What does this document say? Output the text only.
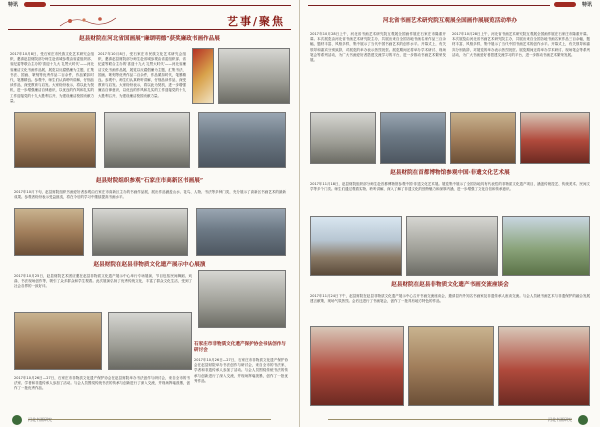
特讯
艺事/聚焦
赵县财院在河北省国画展“廉颂明德”获奖廉政书画作品展
2017年10月8日，受石家庄市民族文化艺术研究会组织，邀请赵县财院部分师生赴省城参观由省委组织部、省纪委等联合主办的‘喜迎十九大 礼赞大时代’——河北省廉洁文化书画作品展，展览以反腐倡廉为主题，汇集书法、国画、篆刻等优秀作品二百余件，作品紧扣时代，笔墨精良。参观中，师生们认真聆听讲解，仔细品读作品，深受教育与启发。大家纷纷表示，将以此为契机，进一步增强廉洁自律意识，以优良的作风和扎实的工作迎接党的十九大胜利召开，为建设廉洁校园贡献力量。
2017年10月8日，受石家庄市民族文化艺术研究会组织，邀请赵县财院部分师生赴省城参观由省委组织部、省纪委等联合主办的‘喜迎十九大 礼赞大时代’——河北省廉洁文化书画作品展，展览以反腐倡廉为主题，汇集书法、国画、篆刻等优秀作品二百余件，作品紧扣时代，笔墨精良。参观中，师生们认真聆听讲解，仔细品读作品，深受教育与启发。大家纷纷表示，将以此为契机，进一步增强廉洁自律意识，以优良的作风和扎实的工作迎接党的十九大胜利召开，为建设廉洁校园贡献力量。
赵县财院组织参观“石家庄市高新区书画展”
2017年10月下旬，赵县财院组织书画爱好者参观由石家庄市高新区主办的书画作品展，展出作品涵盖山水、花鸟、人物、书法等多种门类，充分展示了高新区书画艺术的最新成果。参观者纷纷表示受益匪浅，将在今后的学习中继续提高书画水平。
赵县财院在赵县非物质文化遗产展示中心展演
2017年10月25日，赵县财院艺术团应邀在赵县非物质文化遗产展示中心举行专场展演，节目包括民间舞蹈、戏曲、书法现场创作等，吸引了众多群众和学生观看。此次展演弘扬了优秀传统文化，丰富了群众文化生活，受到了社会各界的一致好评。
石家庄市非物质文化遗产保护协会书法创作与研讨会
2017年10月26日—27日，石家庄市非物质文化遗产保护协会在赵县财院举办书法创作与研讨会，来自全市的书法家、学者和非遗传承人参加了活动。与会人员围绕传统书法的传承与创新进行了深入交流，并现场挥毫泼墨，创作了一批优秀作品。
2017年10月26日—27日，石家庄市非物质文化遗产保护协会在赵县财院举办书法创作与研讨会，来自全市的书法家、学者和非遗传承人参加了活动。与会人员围绕传统书法的传承与创新进行了深入交流，并现场挥毫泼墨，创作了一批优秀作品。
河北书画研究
特讯
河北省书画艺术研究院互观展全国画作展展览活动举办
2017年10月28日上午，河北省书画艺术研究院互观展全国画作展在石家庄市隆重开幕。本次展览由河北省书画艺术研究院主办，共展出来自全国各地书画名家作品三百余幅，题材丰富、风格多样，集中展示了当代中国书画艺术的创作水平。开幕式上，有关领导和嘉宾分别致辞，对展览的举办表示热烈祝贺。展览期间还将举办学术研讨、现场笔会等系列活动，为广大书画爱好者搭建交流学习的平台，进一步推动书画艺术繁荣发展。
2017年10月28日上午，河北省书画艺术研究院互观展全国画作展在石家庄市隆重开幕。本次展览由河北省书画艺术研究院主办，共展出来自全国各地书画名家作品三百余幅，题材丰富、风格多样，集中展示了当代中国书画艺术的创作水平。开幕式上，有关领导和嘉宾分别致辞，对展览的举办表示热烈祝贺。展览期间还将举办学术研讨、现场笔会等系列活动，为广大书画爱好者搭建交流学习的平台，进一步推动书画艺术繁荣发展。
赵县财院在首都博物馆参观中国·非遗文化艺术展
2017年11月18日，赵县财院组织部分师生赴首都博物馆参观中国·非遗文化艺术展。展览集中展示了全国各地具有代表性的非物质文化遗产项目，涵盖传统技艺、传统美术、民间文学等多个门类。师生们通过观看实物、聆听讲解，深入了解了非遗文化的独特魅力和深厚内涵，进一步增强了文化自信和传承意识。
赵县财院在赵县非物质文化遗产书画交流座谈会
2017年11月24日下午，赵县财院在赵县非物质文化遗产展示中心召开书画交流座谈会，邀请县内外知名书画家及非遗传承人座谈交流。与会人员就书画艺术与非遗保护的融合发展建言献策，现场气氛热烈。会后还进行了书画笔会，创作了一批具有地方特色的作品。
河北书画研究
